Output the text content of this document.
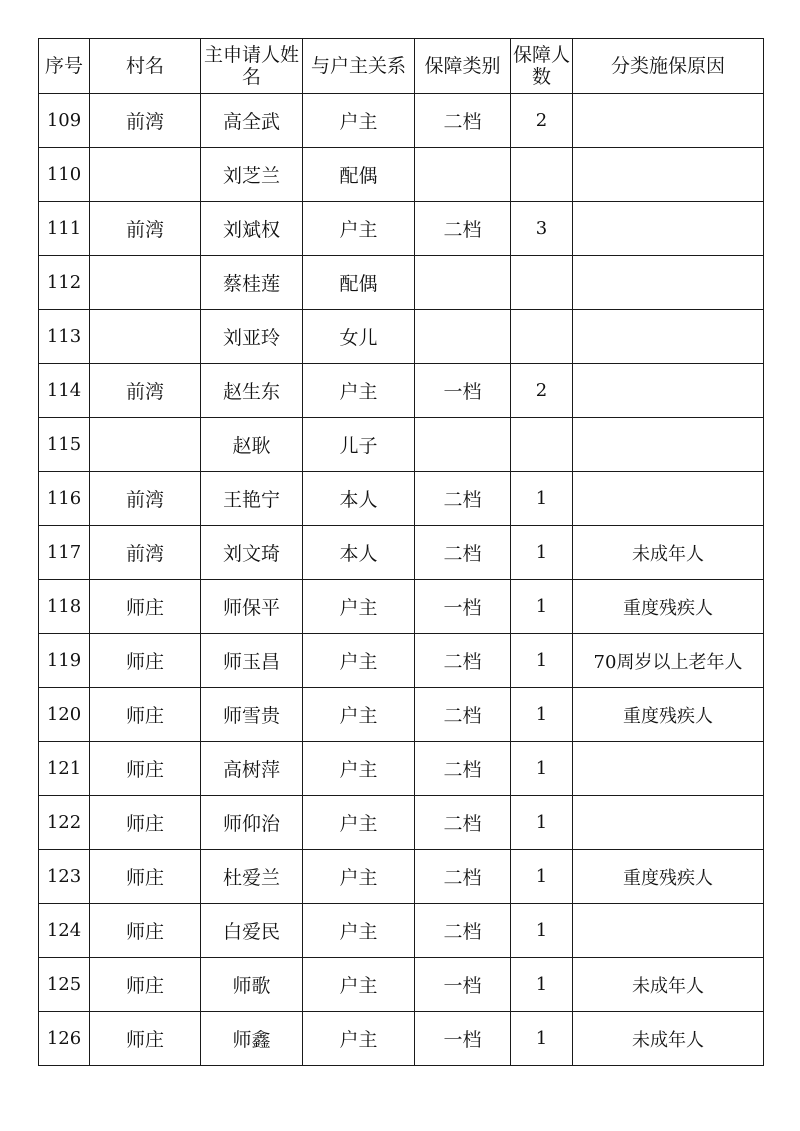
序号	村名	主申请人姓名	与户主关系	保障类别	保障人数	分类施保原因
109	前湾	高全武	户主	二档	2	
110		刘芝兰	配偶			
111	前湾	刘斌权	户主	二档	3	
112		蔡桂莲	配偶			
113		刘亚玲	女儿			
114	前湾	赵生东	户主	一档	2	
115		赵耿	儿子			
116	前湾	王艳宁	本人	二档	1	
117	前湾	刘文琦	本人	二档	1	未成年人
118	师庄	师保平	户主	一档	1	重度残疾人
119	师庄	师玉昌	户主	二档	1	70周岁以上老年人
120	师庄	师雪贵	户主	二档	1	重度残疾人
121	师庄	高树萍	户主	二档	1	
122	师庄	师仰治	户主	二档	1	
123	师庄	杜爱兰	户主	二档	1	重度残疾人
124	师庄	白爱民	户主	二档	1	
125	师庄	师歌	户主	一档	1	未成年人
126	师庄	师鑫	户主	一档	1	未成年人
